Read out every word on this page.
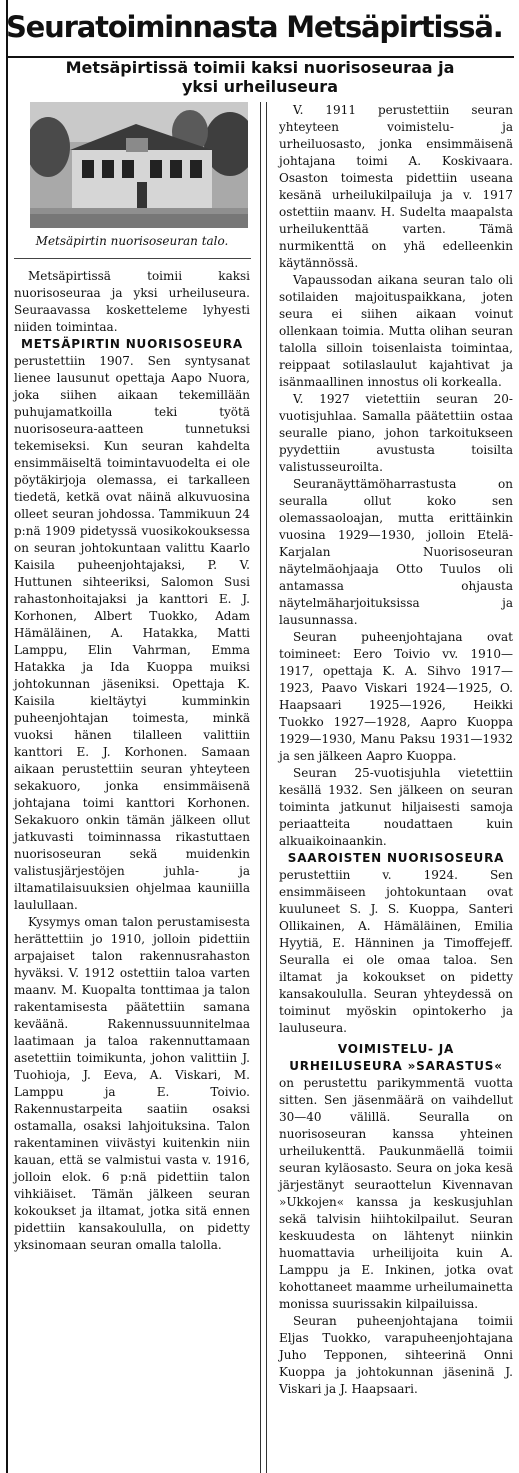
Seuratoiminnasta Metsäpirtissä.
Metsäpirtissä toimii kaksi nuorisoseuraa ja
yksi urheiluseura
Metsäpirtin nuorisoseuran talo.

Metsäpirtissä toimii kaksi nuorisoseuraa ja yksi urheiluseura. Seuraavassa kosketteleme lyhyesti niiden toimintaa.

METSÄPIRTIN NUORISOSEURA

perustettiin 1907. Sen syntysanat lienee lausunut opettaja Aapo Nuora, joka siihen aikaan tekemillään puhujamatkoilla teki työtä nuorisoseura-aatteen tunnetuksi tekemiseksi. Kun seuran kahdelta ensimmäiseltä toimintavuodelta ei ole pöytäkirjoja olemassa, ei tarkalleen tiedetä, ketkä ovat näinä alkuvuosina olleet seuran johdossa. Tammikuun 24 p:nä 1909 pidetyssä vuosikokouksessa on seuran johtokuntaan valittu Kaarlo Kaisila puheenjohtajaksi, P. V. Huttunen sihteeriksi, Salomon Susi rahastonhoitajaksi ja kanttori E. J. Korhonen, Albert Tuokko, Adam Hämäläinen, A. Hatakka, Matti Lamppu, Elin Vahrman, Emma Hatakka ja Ida Kuoppa muiksi johtokunnan jäseniksi. Opettaja K. Kaisila kieltäytyi kumminkin puheenjohtajan toimesta, minkä vuoksi hänen tilalleen valittiin kanttori E. J. Korhonen. Samaan aikaan perustettiin seuran yhteyteen sekakuoro, jonka ensimmäisenä johtajana toimi kanttori Korhonen. Sekakuoro onkin tämän jälkeen ollut jatkuvasti toiminnassa rikastuttaen nuorisoseuran sekä muidenkin valistusjärjestöjen juhla- ja iltamatilaisuuksien ohjelmaa kauniilla laulullaan.

Kysymys oman talon perustamisesta herättettiin jo 1910, jolloin pidettiin arpajaiset talon rakennusrahaston hyväksi. V. 1912 ostettiin taloa varten maanv. M. Kuopalta tonttimaa ja talon rakentamisesta päätettiin samana keväänä. Rakennussuunnitelmaa laatimaan ja taloa rakennuttamaan asetettiin toimikunta, johon valittiin J. Tuohioja, J. Eeva, A. Viskari, M. Lamppu ja E. Toivio. Rakennustarpeita saatiin osaksi ostamalla, osaksi lahjoituksina. Talon rakentaminen viivästyi kuitenkin niin kauan, että se valmistui vasta v. 1916, jolloin elok. 6 p:nä pidettiin talon vihkiäiset. Tämän jälkeen seuran kokoukset ja iltamat, jotka sitä ennen pidettiin kansakoululla, on pidetty yksinomaan seuran omalla talolla.

V. 1911 perustettiin seuran yhteyteen voimistelu- ja urheiluosasto, jonka ensimmäisenä johtajana toimi A. Koskivaara. Osaston toimesta pidettiin useana kesänä urheilukilpailuja ja v. 1917 ostettiin maanv. H. Sudelta maapalsta urheilukenttää varten. Tämä nurmikenttä on yhä edelleenkin käytännössä.

Vapaussodan aikana seuran talo oli sotilaiden majoituspaikkana, joten seura ei siihen aikaan voinut ollenkaan toimia. Mutta olihan seuran talolla silloin toisenlaista toimintaa, reippaat sotilaslaulut kajahtivat ja isänmaallinen innostus oli korkealla.

V. 1927 vietettiin seuran 20-vuotisjuhlaa. Samalla päätettiin ostaa seuralle piano, johon tarkoitukseen pyydettiin avustusta toisilta valistusseuroilta.

Seuranäyttämöharrastusta on seuralla ollut koko sen olemassaoloajan, mutta erittäinkin vuosina 1929—1930, jolloin Etelä-Karjalan Nuorisoseuran näytelmäohjaaja Otto Tuulos oli antamassa ohjausta näytelmäharjoituksissa ja lausunnassa.

Seuran puheenjohtajana ovat toimineet: Eero Toivio vv. 1910—1917, opettaja K. A. Sihvo 1917—1923, Paavo Viskari 1924—1925, O. Haapsaari 1925—1926, Heikki Tuokko 1927—1928, Aapro Kuoppa 1929—1930, Manu Paksu 1931—1932 ja sen jälkeen Aapro Kuoppa.

Seuran 25-vuotisjuhla vietettiin kesällä 1932. Sen jälkeen on seuran toiminta jatkunut hiljaisesti samoja periaatteita noudattaen kuin alkuaikoinaankin.

SAAROISTEN NUORISOSEURA

perustettiin v. 1924. Sen ensimmäiseen johtokuntaan ovat kuuluneet S. J. S. Kuoppa, Santeri Ollikainen, A. Hämäläinen, Emilia Hyytiä, E. Hänninen ja Timoffejeff. Seuralla ei ole omaa taloa. Sen iltamat ja kokoukset on pidetty kansakoululla. Seuran yhteydessä on toiminut myöskin opintokerho ja lauluseura.

VOIMISTELU- JA URHEILUSEURA »SARASTUS«

on perustettu parikymmentä vuotta sitten. Sen jäsenmäärä on vaihdellut 30—40 välillä. Seuralla on nuorisoseuran kanssa yhteinen urheilukenttä. Paukunmäellä toimii seuran kyläosasto. Seura on joka kesä järjestänyt seuraottelun Kivennavan »Ukkojen« kanssa ja keskusjuhlan sekä talvisin hiihtokilpailut. Seuran keskuudesta on lähtenyt niinkin huomattavia urheilijoita kuin A. Lamppu ja E. Inkinen, jotka ovat kohottaneet maamme urheilumainetta monissa suurissakin kilpailuissa.

Seuran puheenjohtajana toimii Eljas Tuokko, varapuheenjohtajana Juho Tepponen, sihteerinä Onni Kuoppa ja johtokunnan jäseninä J. Viskari ja J. Haapsaari.
